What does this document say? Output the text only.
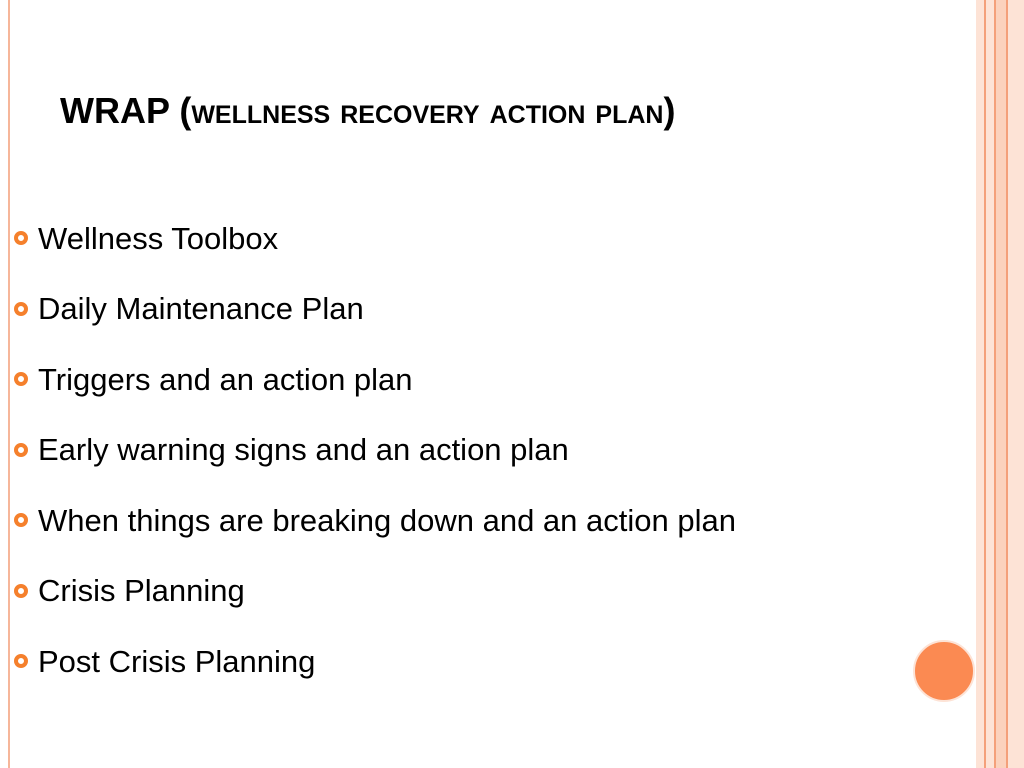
WRAP (wellness recovery action plan)
Wellness Toolbox
Daily Maintenance Plan
Triggers and an action plan
Early warning signs and an action plan
When things are breaking down and an action plan
Crisis Planning
Post Crisis Planning
